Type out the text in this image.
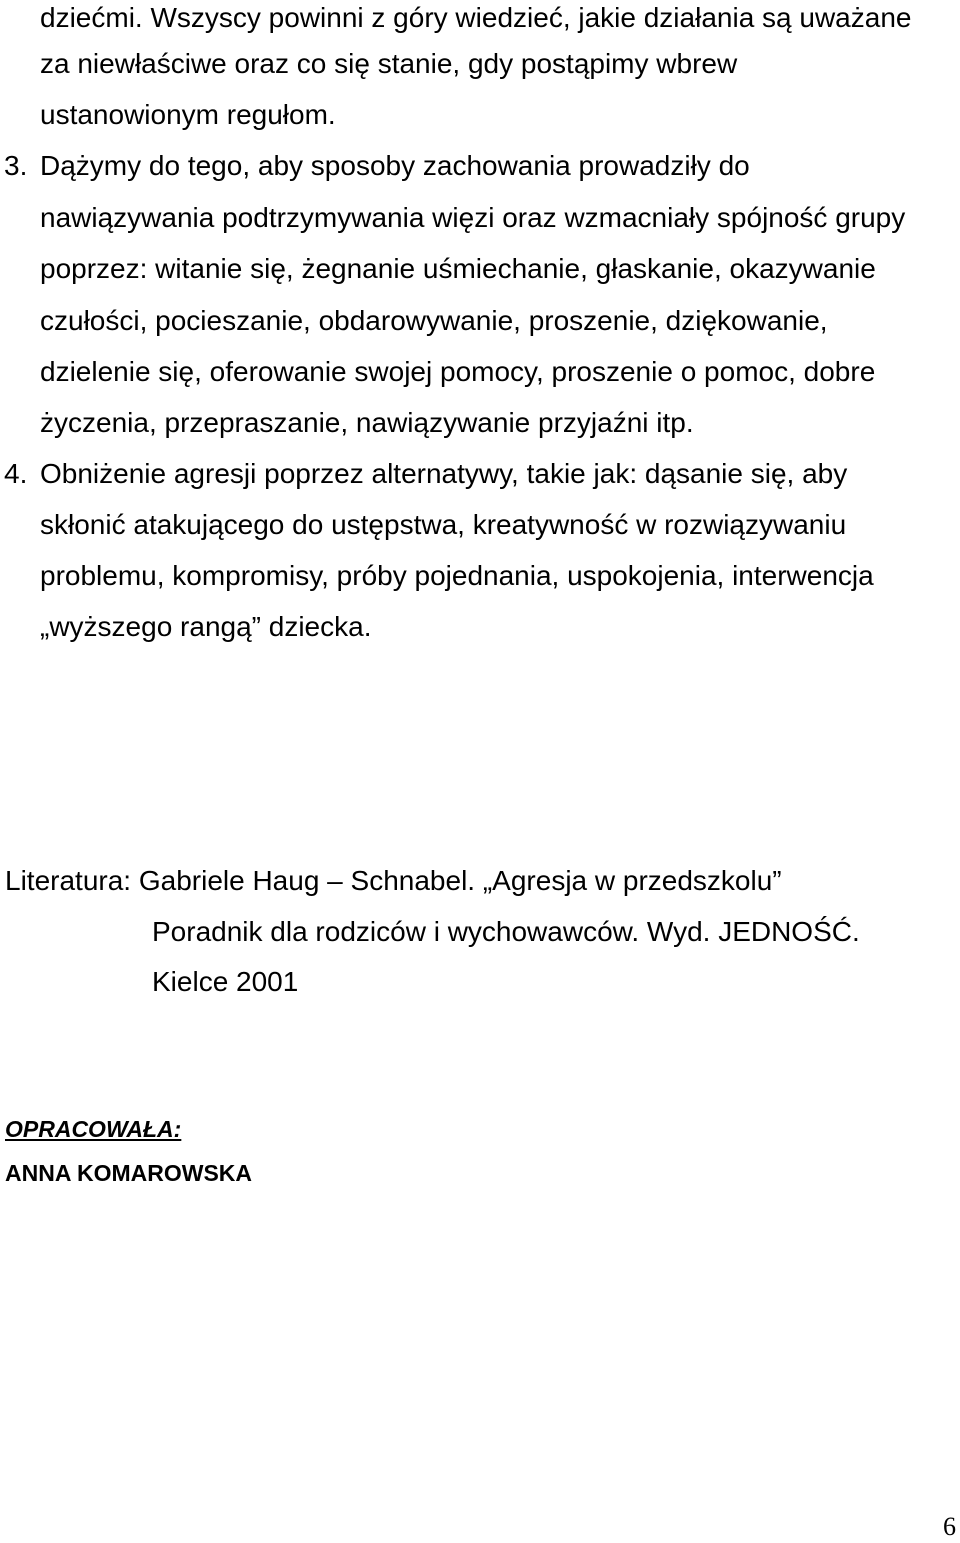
dziećmi. Wszyscy powinni z góry wiedzieć, jakie działania są uważane
za niewłaściwe oraz co się stanie, gdy postąpimy wbrew
ustanowionym regułom.
3. Dążymy do tego, aby sposoby zachowania prowadziły do
nawiązywania podtrzymywania więzi oraz wzmacniały spójność grupy
poprzez: witanie się, żegnanie uśmiechanie, głaskanie, okazywanie
czułości, pocieszanie, obdarowywanie, proszenie, dziękowanie,
dzielenie się, oferowanie swojej pomocy, proszenie o pomoc, dobre
życzenia, przepraszanie, nawiązywanie przyjaźni itp.
4. Obniżenie agresji poprzez alternatywy, takie jak: dąsanie się, aby
skłonić atakującego do ustępstwa, kreatywność w rozwiązywaniu
problemu, kompromisy, próby pojednania, uspokojenia, interwencja
„wyższego rangą” dziecka.
Literatura: Gabriele Haug – Schnabel. „Agresja w przedszkolu”
Poradnik dla rodziców i wychowawców. Wyd. JEDNOŚĆ.
Kielce 2001
OPRACOWAŁA:
ANNA KOMAROWSKA
6
